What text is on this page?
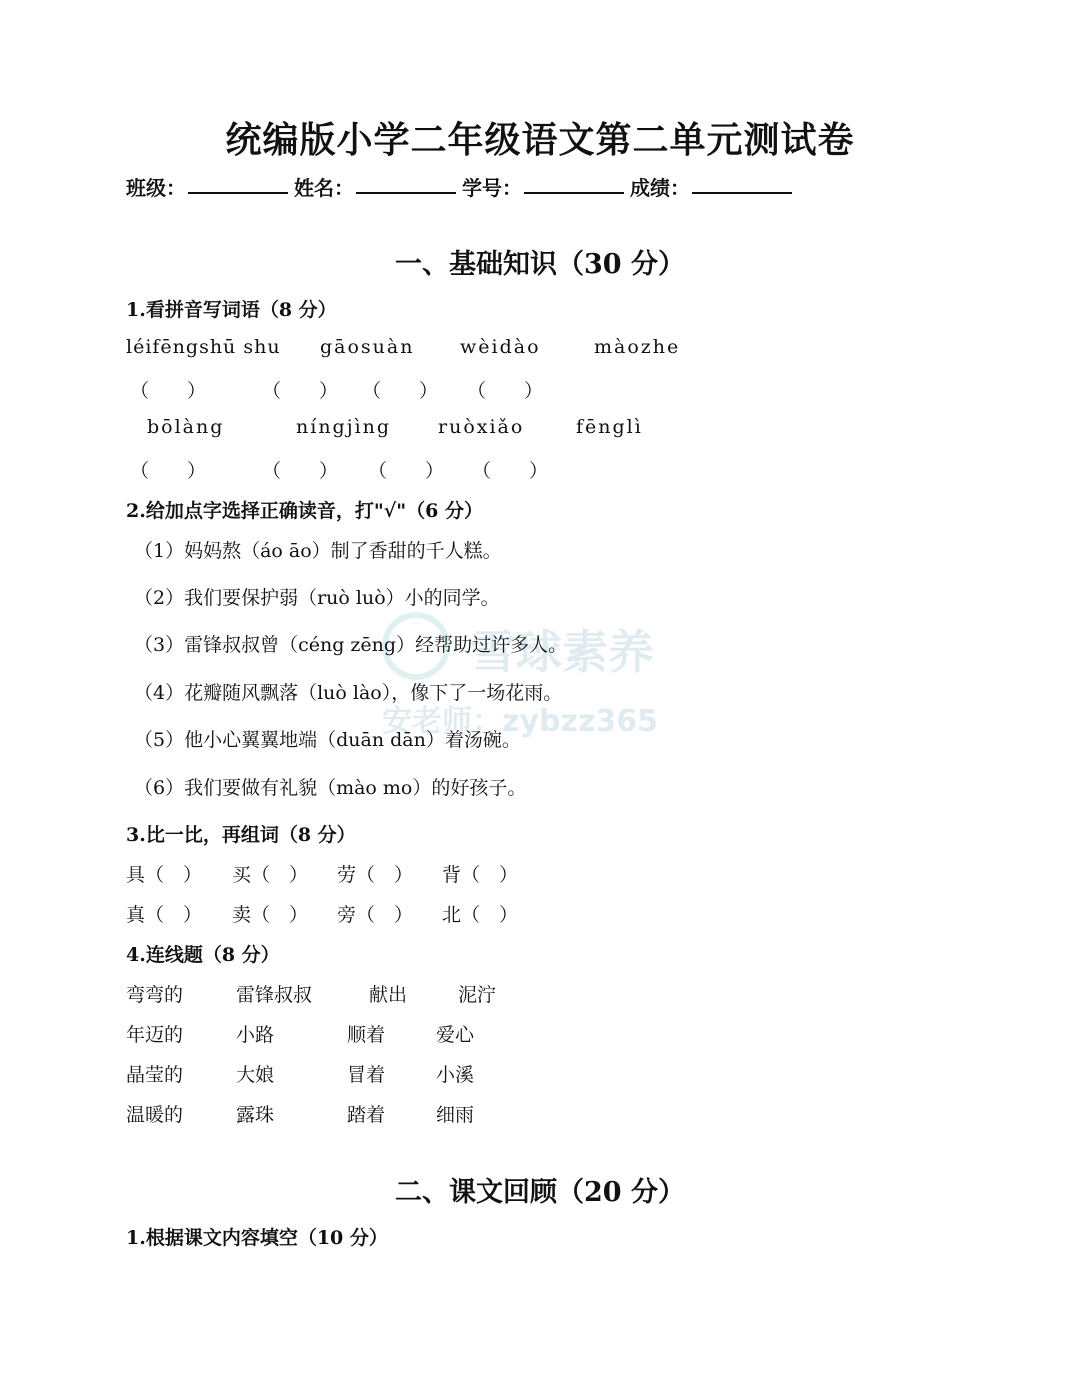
统编版小学二年级语文第二单元测试卷
班级：	姓名：	学号：	成绩：
一、基础知识（30 分）
1.看拼音写词语（8 分）
léifēngshū shu gāosuàn wèidào	màozhe
（　　）	（　　） （　　） （　　）
bōlàng	níngjìng ruòxiǎo	fēnglì
（　　）	（　　） （　　） （　　）
2.给加点字选择正确读音，打"√"（6 分）
（1）妈妈熬（áo āo）制了香甜的千人糕。
（2）我们要保护弱（ruò luò）小的同学。
（3）雷锋叔叔曾（céng zēng）经帮助过许多人。
（4）花瓣随风飘落（luò lào），像下了一场花雨。
（5）他小心翼翼地端（duān dān）着汤碗。
（6）我们要做有礼貌（mào mo）的好孩子。
3.比一比，再组词（8 分）
具（　） 买（　） 劳（　） 背（　）
真（　） 卖（　） 旁（　） 北（　）
4.连线题（8 分）
弯弯的	雷锋叔叔	献出	泥泞
年迈的	小路	顺着	爱心
晶莹的	大娘	冒着	小溪
温暖的	露珠	踏着	细雨
二、课文回顾（20 分）
1.根据课文内容填空（10 分）
雪球素养
安老师：zybzz365
